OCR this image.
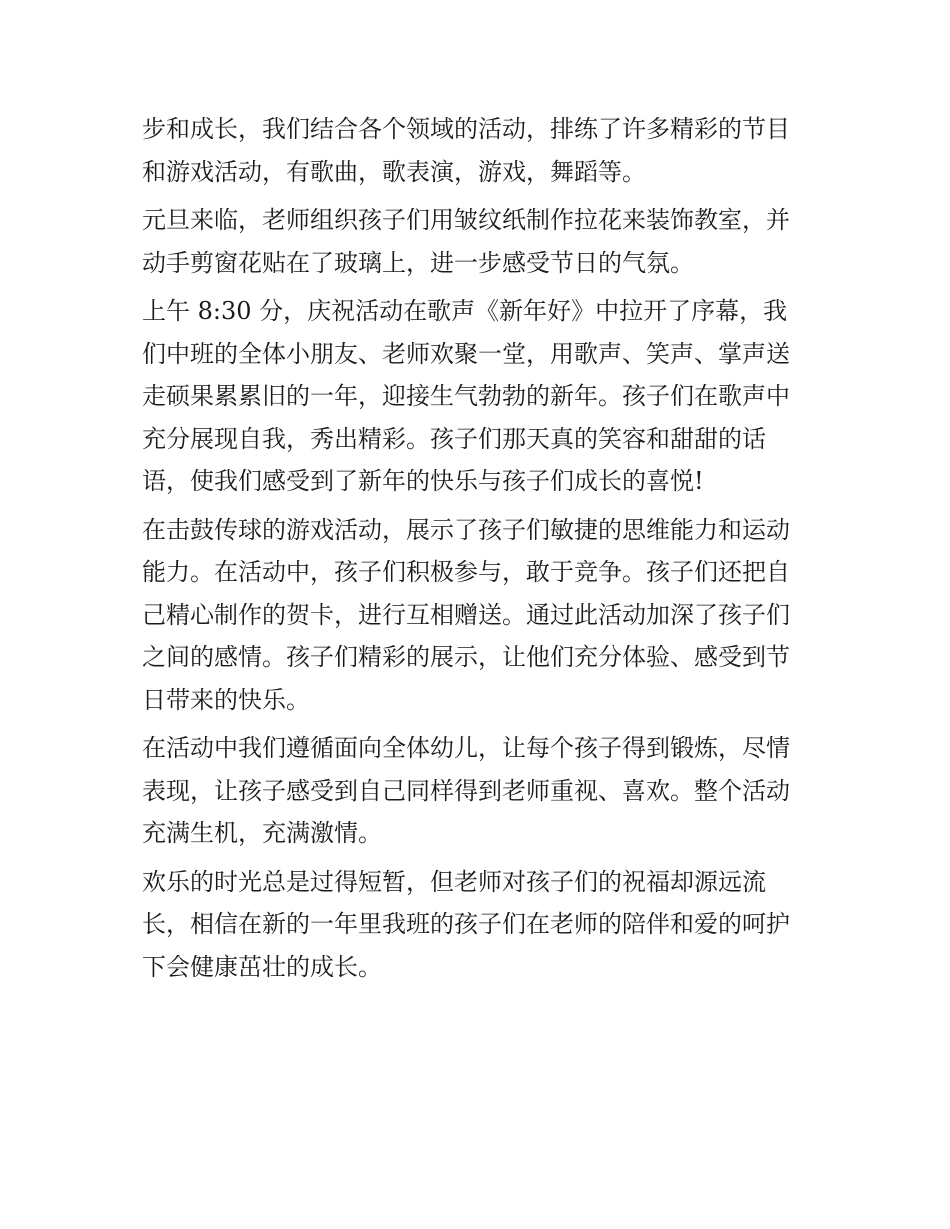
步和成长，我们结合各个领域的活动，排练了许多精彩的节目
和游戏活动，有歌曲，歌表演，游戏，舞蹈等。
元旦来临，老师组织孩子们用皱纹纸制作拉花来装饰教室，并
动手剪窗花贴在了玻璃上，进一步感受节日的气氛。
上午 8:30 分，庆祝活动在歌声《新年好》中拉开了序幕，我
们中班的全体小朋友、老师欢聚一堂，用歌声、笑声、掌声送
走硕果累累旧的一年，迎接生气勃勃的新年。孩子们在歌声中
充分展现自我，秀出精彩。孩子们那天真的笑容和甜甜的话
语，使我们感受到了新年的快乐与孩子们成长的喜悦!
在击鼓传球的游戏活动，展示了孩子们敏捷的思维能力和运动
能力。在活动中，孩子们积极参与，敢于竞争。孩子们还把自
己精心制作的贺卡，进行互相赠送。通过此活动加深了孩子们
之间的感情。孩子们精彩的展示，让他们充分体验、感受到节
日带来的快乐。
在活动中我们遵循面向全体幼儿，让每个孩子得到锻炼，尽情
表现，让孩子感受到自己同样得到老师重视、喜欢。整个活动
充满生机，充满激情。
欢乐的时光总是过得短暂，但老师对孩子们的祝福却源远流
长，相信在新的一年里我班的孩子们在老师的陪伴和爱的呵护
下会健康茁壮的成长。
